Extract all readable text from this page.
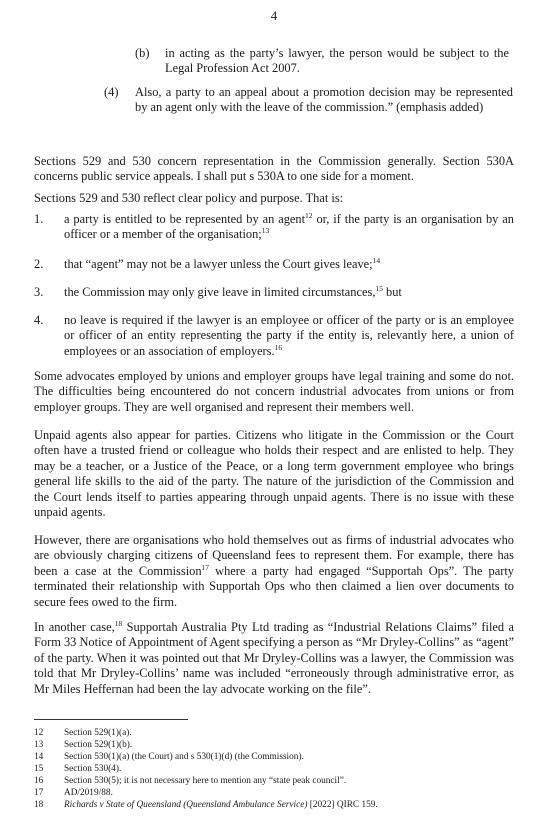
4
(b) in acting as the party’s lawyer, the person would be subject to the Legal Profession Act 2007.
(4) Also, a party to an appeal about a promotion decision may be represented by an agent only with the leave of the commission.” (emphasis added)
Sections 529 and 530 concern representation in the Commission generally. Section 530A concerns public service appeals. I shall put s 530A to one side for a moment.
Sections 529 and 530 reflect clear policy and purpose. That is:
1. a party is entitled to be represented by an agent$^{12}$ or, if the party is an organisation by an officer or a member of the organisation;$^{13}$
2. that “agent” may not be a lawyer unless the Court gives leave;$^{14}$
3. the Commission may only give leave in limited circumstances,$^{15}$ but
4. no leave is required if the lawyer is an employee or officer of the party or is an employee or officer of an entity representing the party if the entity is, relevantly here, a union of employees or an association of employers.$^{16}$
Some advocates employed by unions and employer groups have legal training and some do not. The difficulties being encountered do not concern industrial advocates from unions or from employer groups. They are well organised and represent their members well.
Unpaid agents also appear for parties. Citizens who litigate in the Commission or the Court often have a trusted friend or colleague who holds their respect and are enlisted to help. They may be a teacher, or a Justice of the Peace, or a long term government employee who brings general life skills to the aid of the party. The nature of the jurisdiction of the Commission and the Court lends itself to parties appearing through unpaid agents. There is no issue with these unpaid agents.
However, there are organisations who hold themselves out as firms of industrial advocates who are obviously charging citizens of Queensland fees to represent them. For example, there has been a case at the Commission$^{17}$ where a party had engaged “Supportah Ops”. The party terminated their relationship with Supportah Ops who then claimed a lien over documents to secure fees owed to the firm.
In another case,$^{18}$ Supportah Australia Pty Ltd trading as “Industrial Relations Claims” filed a Form 33 Notice of Appointment of Agent specifying a person as “Mr Dryley-Collins” as “agent” of the party. When it was pointed out that Mr Dryley-Collins was a lawyer, the Commission was told that Mr Dryley-Collins’ name was included “erroneously through administrative error, as Mr Miles Heffernan had been the lay advocate working on the file”.
12 Section 529(1)(a).
13 Section 529(1)(b).
14 Section 530(1)(a) (the Court) and s 530(1)(d) (the Commission).
15 Section 530(4).
16 Section 530(5); it is not necessary here to mention any “state peak council”.
17 AD/2019/88.
18 Richards v State of Queensland (Queensland Ambulance Service) [2022] QIRC 159.
